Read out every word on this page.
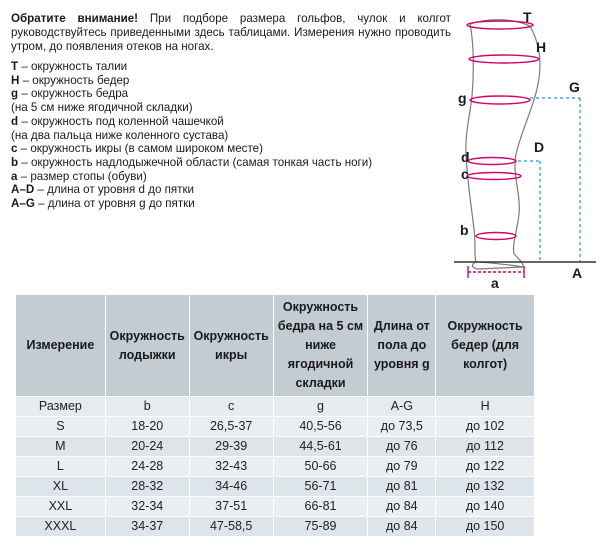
Обратите внимание! При подборе размера гольфов, чулок и колгот руководствуйтесь приведенными здесь таблицами. Измерения нужно проводить утром, до появления отеков на ногах.
T – окружность талии
H – окружность бедер
g – окружность бедра
(на 5 см ниже ягодичной складки)
d – окружность под коленной чашечкой
(на два пальца ниже коленного сустава)
c – окружность икры (в самом широком месте)
b – окружность надлодыжечной области (самая тонкая часть ноги)
a – размер стопы (обуви)
A–D – длина от уровня d до пятки
A–G – длина от уровня g до пятки
T
H
G
g
D
d
c
b
A
a
Измерение	Окружность лодыжки	Окружность икры	Окружность бедра на 5 см ниже ягодичной складки	Длина от пола до уровня g	Окружность бедер (для колгот)
Размер	b	c	g	A-G	H
S	18-20	26,5-37	40,5-56	до 73,5	до 102
M	20-24	29-39	44,5-61	до 76	до 112
L	24-28	32-43	50-66	до 79	до 122
XL	28-32	34-46	56-71	до 81	до 132
XXL	32-34	37-51	66-81	до 84	до 140
XXXL	34-37	47-58,5	75-89	до 84	до 150
